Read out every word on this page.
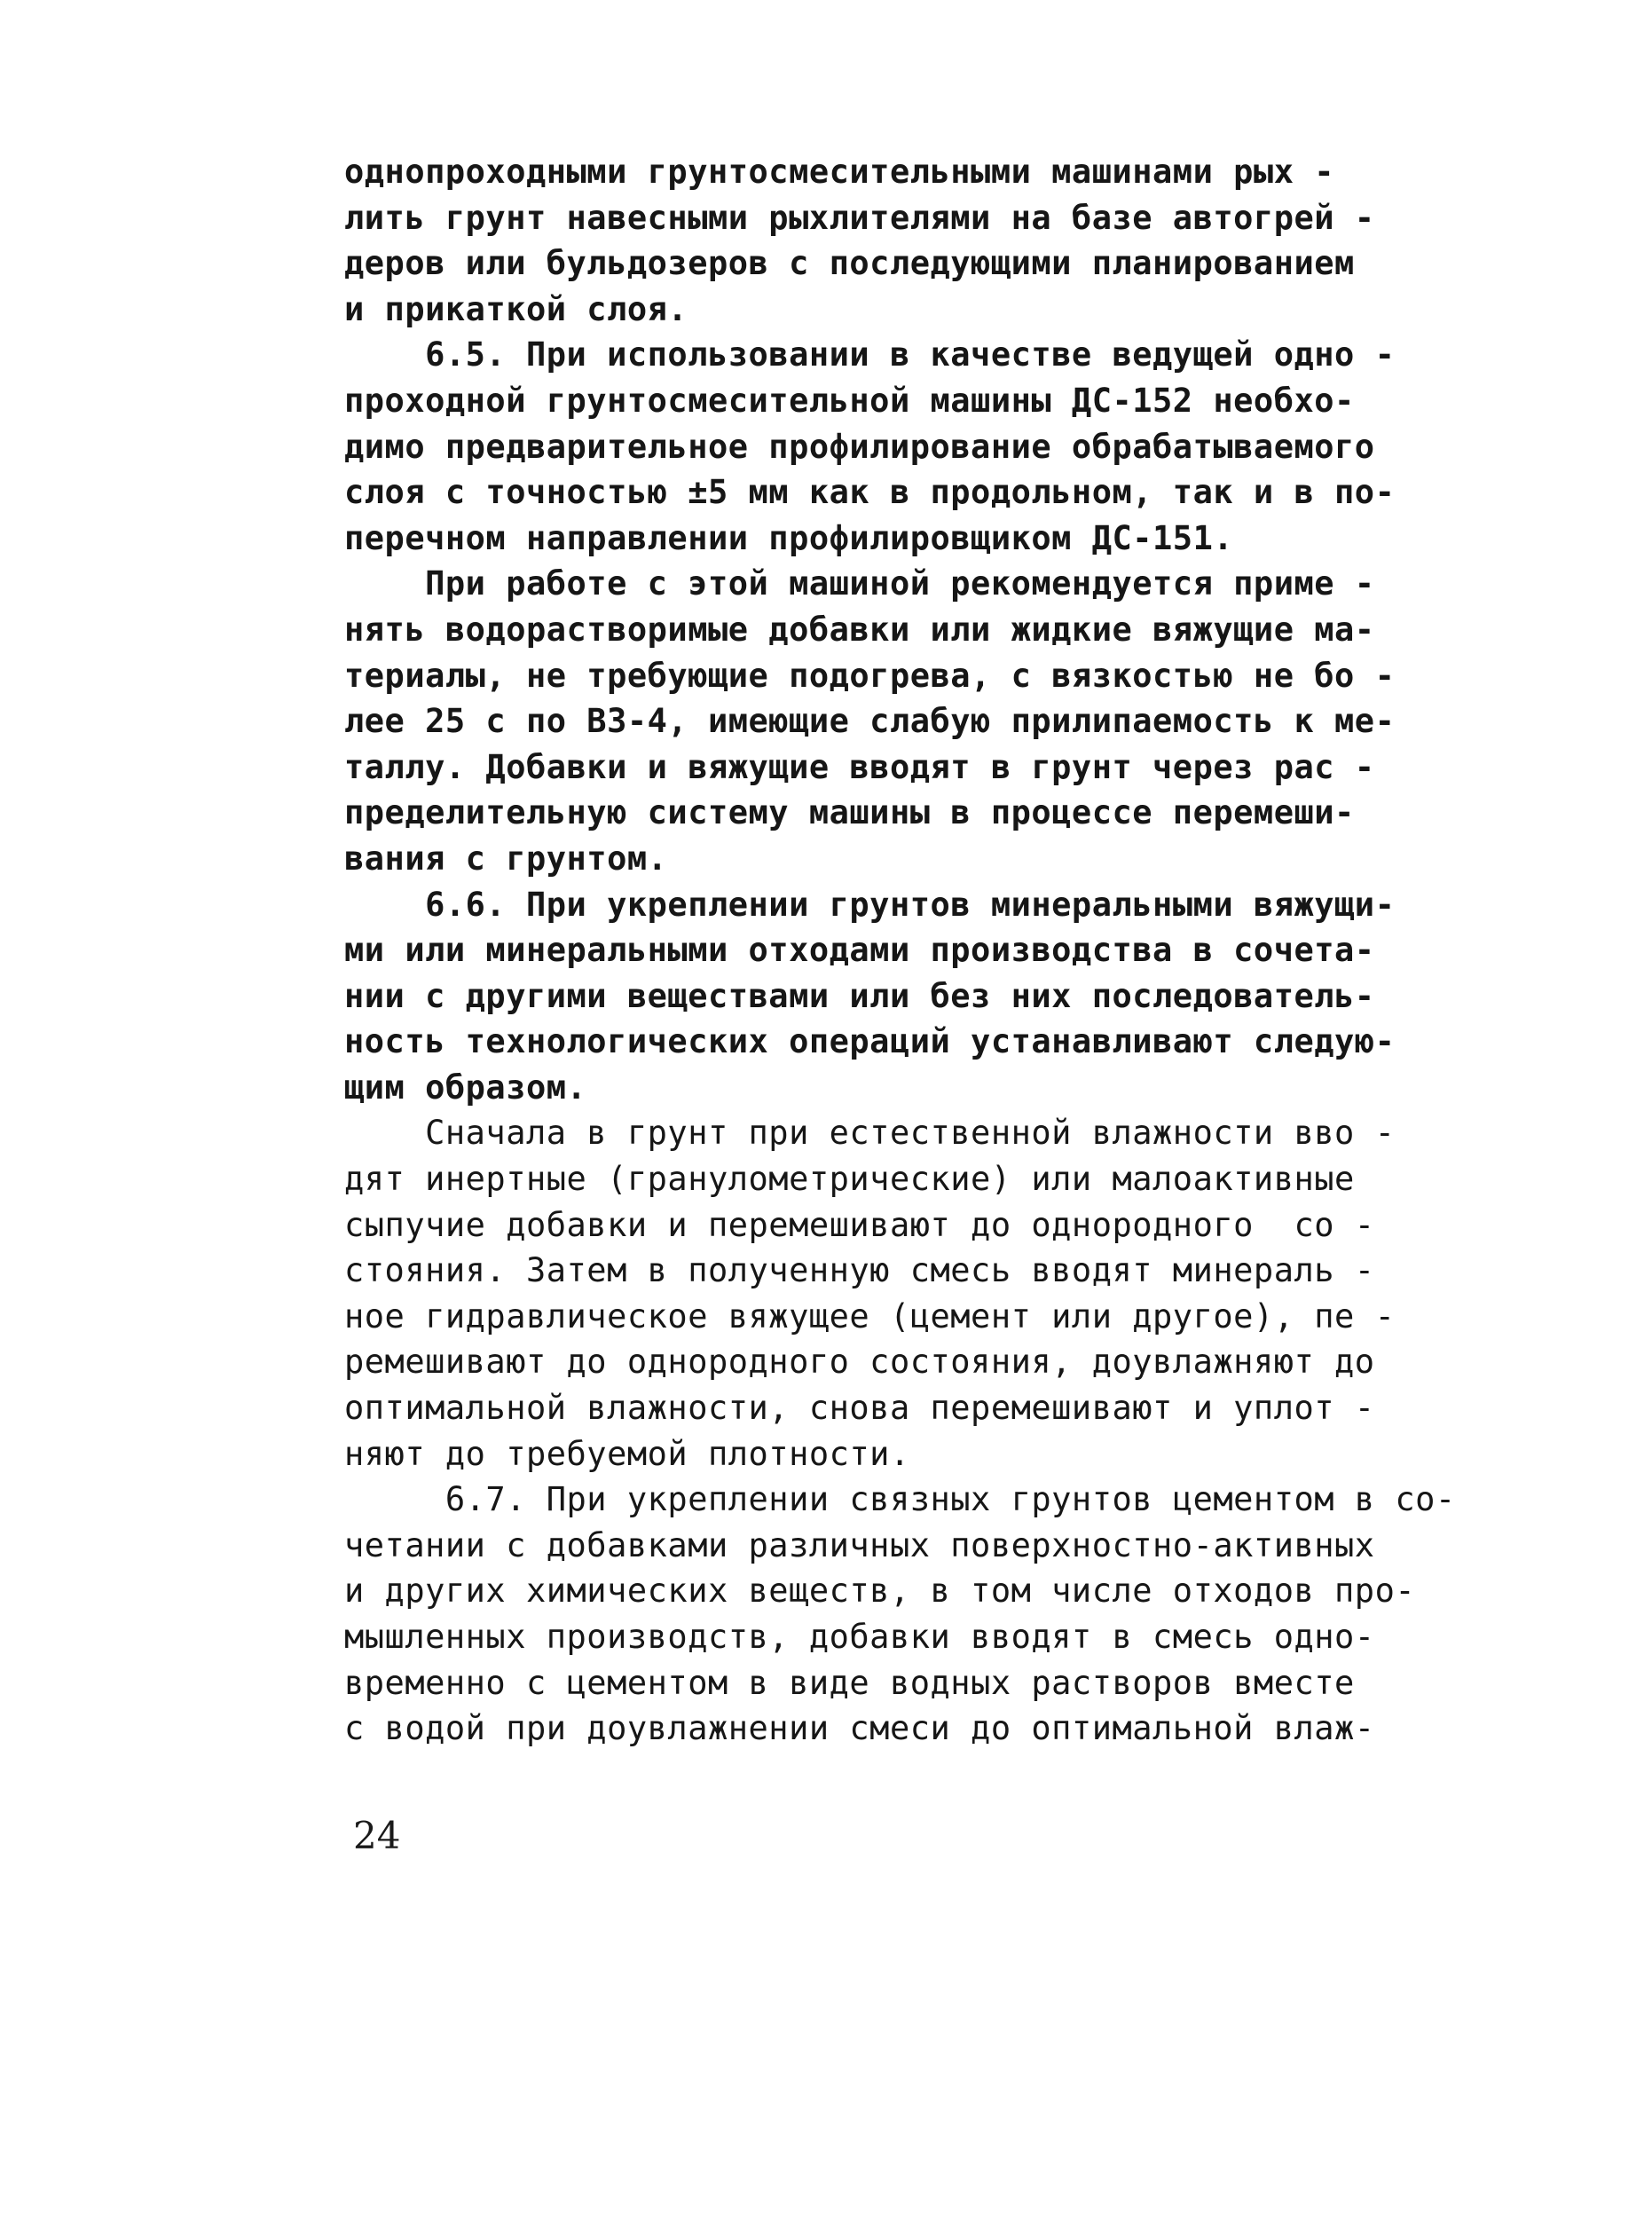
однопроходными грунтосмесительными машинами рых -
лить грунт навесными рыхлителями на базе автогрей -
деров или бульдозеров с последующими планированием
и прикаткой слоя.
6.5. При использовании в качестве ведущей одно -
проходной грунтосмесительной машины ДС-152 необхо-
димо предварительное профилирование обрабатываемого
слоя с точностью ±5 мм как в продольном, так и в по-
перечном направлении профилировщиком ДС-151.
При работе с этой машиной рекомендуется приме -
нять водорастворимые добавки или жидкие вяжущие ма-
териалы, не требующие подогрева, с вязкостью не бо -
лее 25 с по ВЗ-4, имеющие слабую прилипаемость к ме-
таллу. Добавки и вяжущие вводят в грунт через рас -
пределительную систему машины в процессе перемеши-
вания с грунтом.
6.6. При укреплении грунтов минеральными вяжущи-
ми или минеральными отходами производства в сочета-
нии с другими веществами или без них последователь-
ность технологических операций устанавливают следую-
щим образом.
Сначала в грунт при естественной влажности вво -
дят инертные (гранулометрические) или малоактивные
сыпучие добавки и перемешивают до однородного  со -
стояния. Затем в полученную смесь вводят минераль -
ное гидравлическое вяжущее (цемент или другое), пе -
ремешивают до однородного состояния, доувлажняют до
оптимальной влажности, снова перемешивают и уплот -
няют до требуемой плотности.
6.7. При укреплении связных грунтов цементом в со-
четании с добавками различных поверхностно-активных
и других химических веществ, в том числе отходов про-
мышленных производств, добавки вводят в смесь одно-
временно с цементом в виде водных растворов вместе
с водой при доувлажнении смеси до оптимальной влаж-
24
